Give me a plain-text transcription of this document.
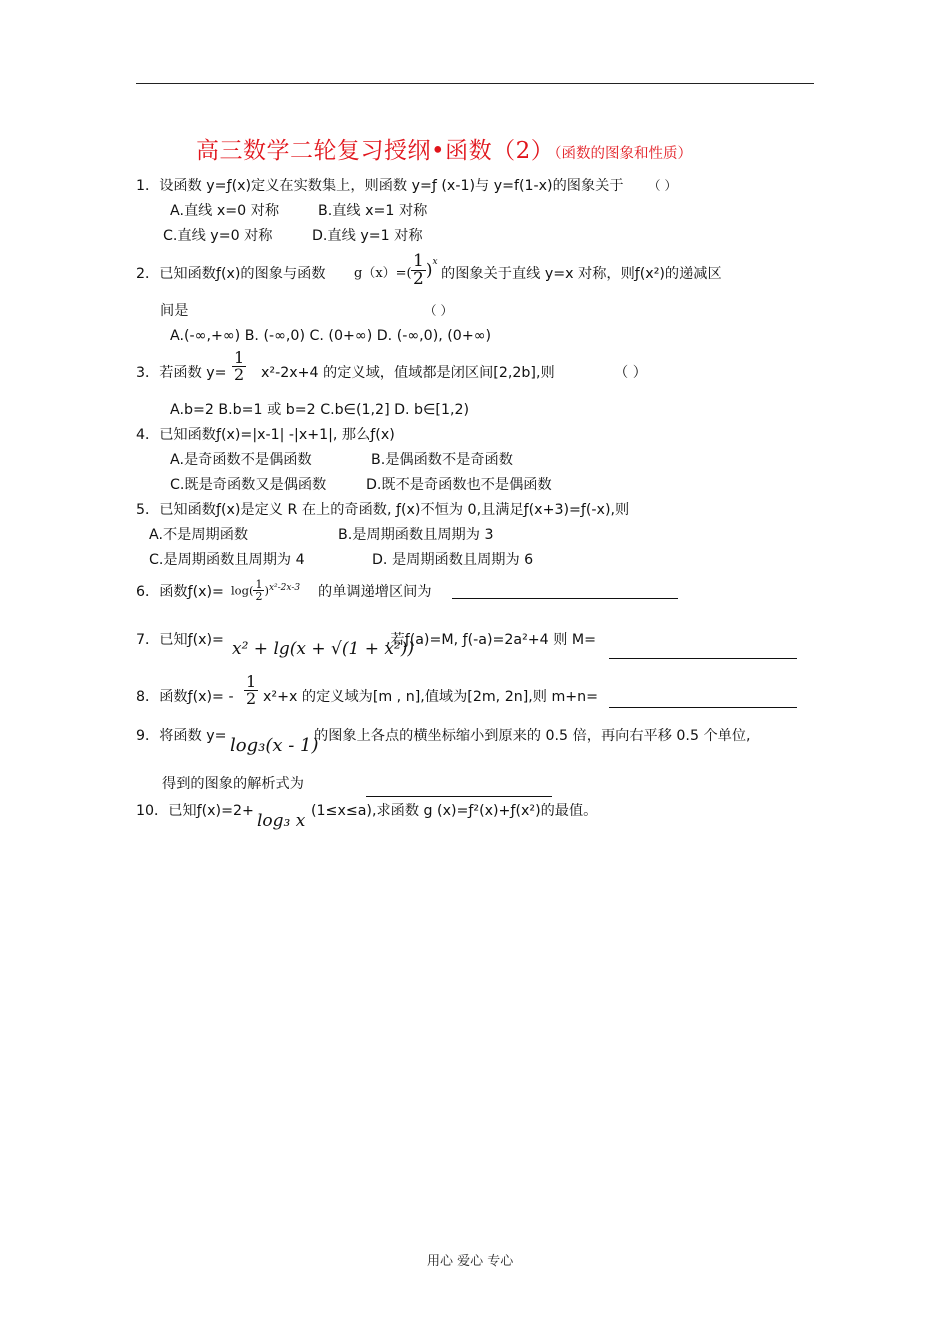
高三数学二轮复习授纲•函数（2）（函数的图象和性质）
1．设函数 y=ƒ(x)定义在实数集上，则函数 y=ƒ (x-1)与 y=f(1-x)的图象关于 （ ）
A.直线 x=0 对称	B.直线 x=1 对称
C.直线 y=0 对称	D.直线 y=1 对称
2．已知函数ƒ(x)的图象与函数 $g(x)=( \frac{1}{2} )^x$
的图象关于直线 y=x 对称，则ƒ(x²)的递减区
间是	（ ）
A.(-∞,+∞) B. (-∞,0) C. (0+∞) D. (-∞,0), (0+∞)
3．若函数 $y= \frac{1}{2} x^2-2x+4$ 的定义域，值域都是闭区间[2,2b],则	（ ）
A.b=2 B.b=1 或 b=2 C.b∈(1,2] D. b∈[1,2)
4．已知函数ƒ(x)=|x-1| -|x+1|, 那么ƒ(x)
A.是奇函数不是偶函数	B.是偶函数不是奇函数
C.既是奇函数又是偶函数	D.既不是奇函数也不是偶函数
5．已知函数ƒ(x)是定义 R 在上的奇函数, ƒ(x)不恒为 0,且满足ƒ(x+3)=ƒ(-x),则
A.不是周期函数	B.是周期函数且周期为 3
C.是周期函数且周期为 4	D. 是周期函数且周期为 6
6．函数ƒ(x)= $\log( \frac{1}{2} )^{x^2-2x-3}$ 的单调递增区间为
7．已知ƒ(x)= x² + lg(x + √(1 + x²))
,若ƒ(a)=M, ƒ(-a)=2a²+4 则 M=
8．函数ƒ(x)= - $\frac{1}{2} x^2+x$ 的定义域为[m , n],值域为[2m, 2n],则 m+n=
9．将函数 y= log₃(x - 1)
的图象上各点的横坐标缩小到原来的 0.5 倍，再向右平移 0.5 个单位,
得到的图象的解析式为
10．已知ƒ(x)=2+ log₃ x (1≤x≤a),求函数 g (x)=ƒ²(x)+ƒ(x²)的最值。
用心 爱心 专心
